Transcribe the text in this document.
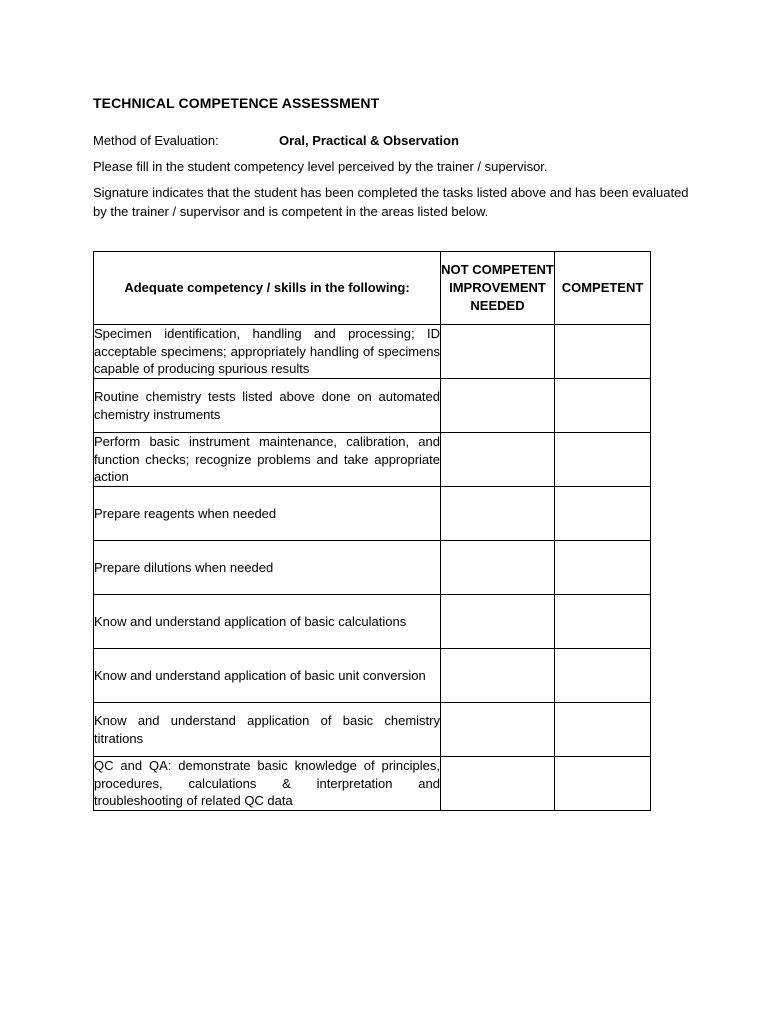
TECHNICAL COMPETENCE ASSESSMENT
Method of Evaluation:	Oral, Practical & Observation
Please fill in the student competency level perceived by the trainer / supervisor.
Signature indicates that the student has been completed the tasks listed above and has been evaluated by the trainer / supervisor and is competent in the areas listed below.
Adequate competency / skills in the following:	NOT COMPETENT IMPROVEMENT NEEDED	COMPETENT
Specimen identification, handling and processing; ID acceptable specimens; appropriately handling of specimens capable of producing spurious results		
Routine chemistry tests listed above done on automated chemistry instruments		
Perform basic instrument maintenance, calibration, and function checks; recognize problems and take appropriate action		
Prepare reagents when needed		
Prepare dilutions when needed		
Know and understand application of basic calculations		
Know and understand application of basic unit conversion		
Know and understand application of basic chemistry titrations		
QC and QA: demonstrate basic knowledge of principles, procedures, calculations & interpretation and troubleshooting of related QC data		
